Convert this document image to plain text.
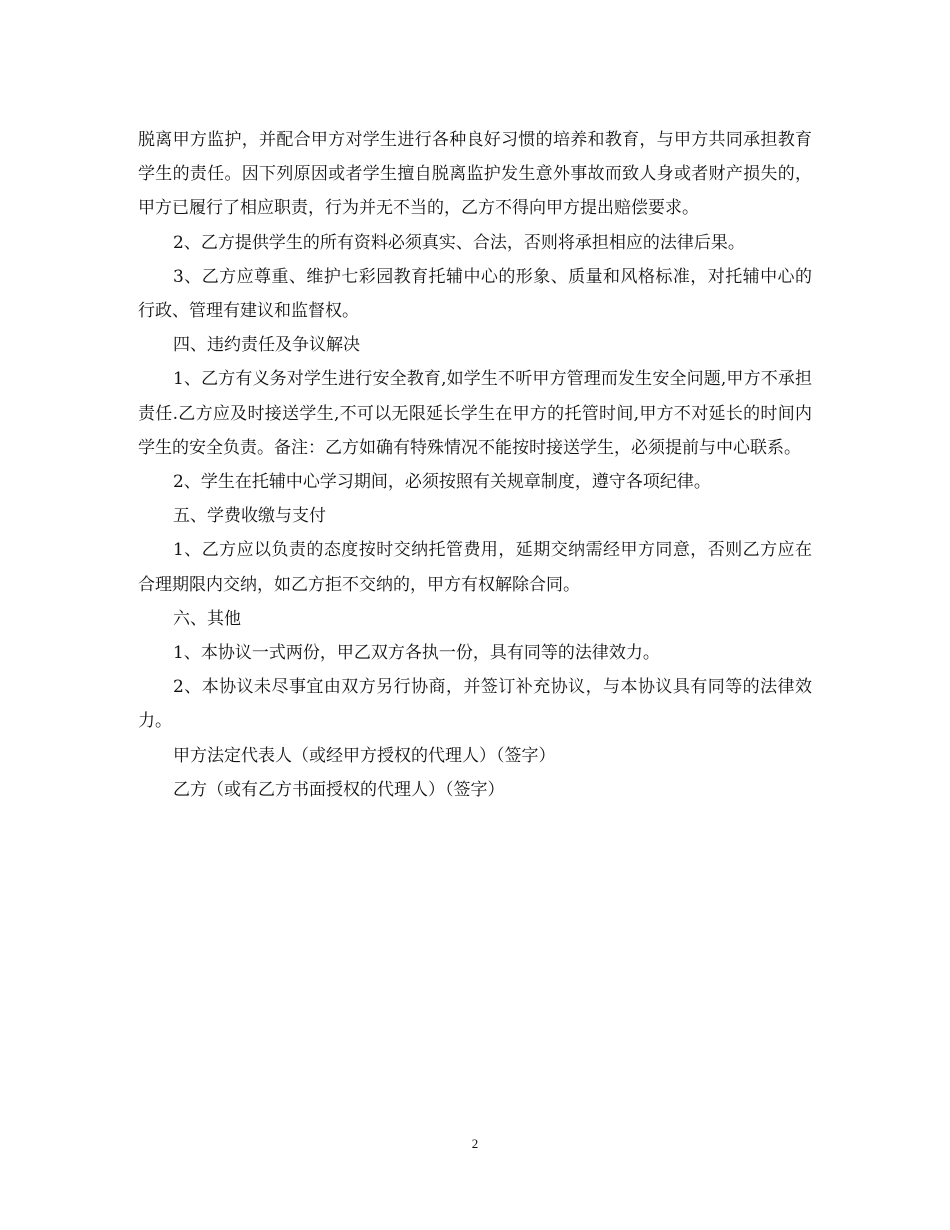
脱离甲方监护，并配合甲方对学生进行各种良好习惯的培养和教育，与甲方共同承担教育学生的责任。因下列原因或者学生擅自脱离监护发生意外事故而致人身或者财产损失的，甲方已履行了相应职责，行为并无不当的，乙方不得向甲方提出赔偿要求。

2、乙方提供学生的所有资料必须真实、合法，否则将承担相应的法律后果。

3、乙方应尊重、维护七彩园教育托辅中心的形象、质量和风格标准，对托辅中心的行政、管理有建议和监督权。

四、违约责任及争议解决

1、乙方有义务对学生进行安全教育,如学生不听甲方管理而发生安全问题,甲方不承担责任.乙方应及时接送学生,不可以无限延长学生在甲方的托管时间,甲方不对延长的时间内学生的安全负责。备注：乙方如确有特殊情况不能按时接送学生，必须提前与中心联系。

2、学生在托辅中心学习期间，必须按照有关规章制度，遵守各项纪律。

五、学费收缴与支付

1、乙方应以负责的态度按时交纳托管费用，延期交纳需经甲方同意，否则乙方应在合理期限内交纳，如乙方拒不交纳的，甲方有权解除合同。

六、其他

1、本协议一式两份，甲乙双方各执一份，具有同等的法律效力。

2、本协议未尽事宜由双方另行协商，并签订补充协议，与本协议具有同等的法律效力。

甲方法定代表人（或经甲方授权的代理人）（签字）

乙方（或有乙方书面授权的代理人）（签字）

2
